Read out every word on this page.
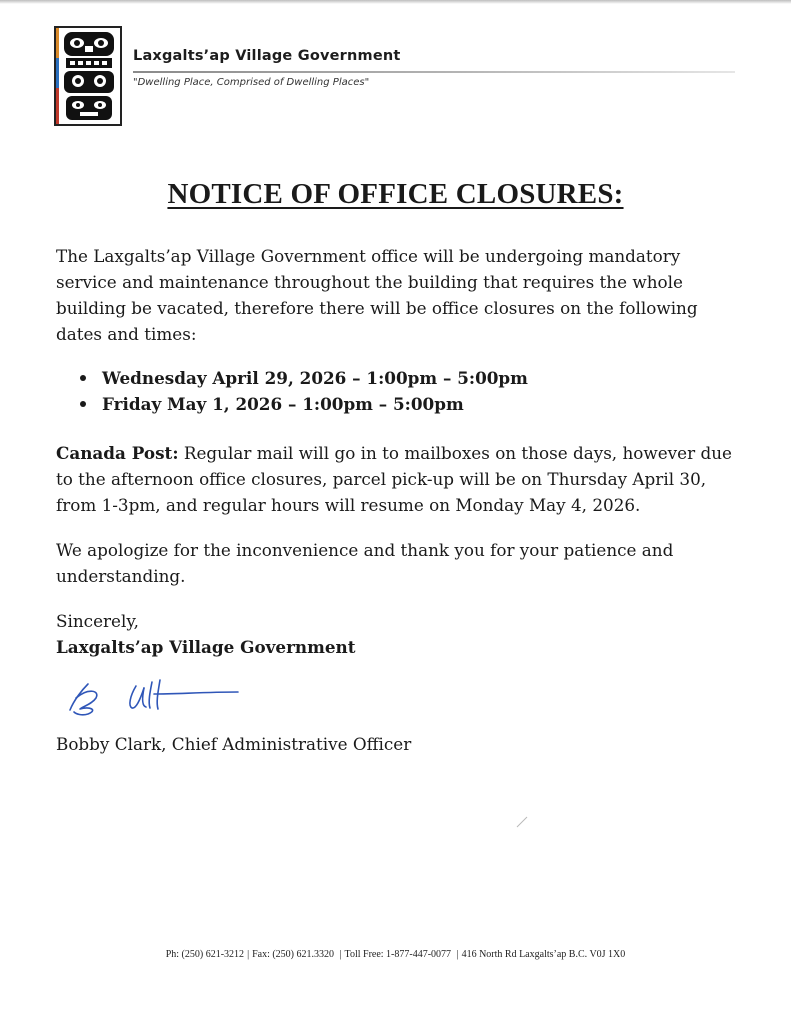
Laxgalts’ap Village Government
"Dwelling Place, Comprised of Dwelling Places"
NOTICE OF OFFICE CLOSURES:

The Laxgalts’ap Village Government office will be undergoing mandatory service and maintenance throughout the building that requires the whole building be vacated, therefore there will be office closures on the following dates and times:

Wednesday April 29, 2026 – 1:00pm – 5:00pm
Friday May 1, 2026 – 1:00pm – 5:00pm

Canada Post: Regular mail will go in to mailboxes on those days, however due to the afternoon office closures, parcel pick-up will be on Thursday April 30, from 1-3pm, and regular hours will resume on Monday May 4, 2026.

We apologize for the inconvenience and thank you for your patience and understanding.

Sincerely,
Laxgalts’ap Village Government
Bobby Clark, Chief Administrative Officer
Ph: (250) 621-3212 | Fax: (250) 621.3320 | Toll Free: 1-877-447-0077 | 416 North Rd Laxgalts’ap B.C. V0J 1X0
